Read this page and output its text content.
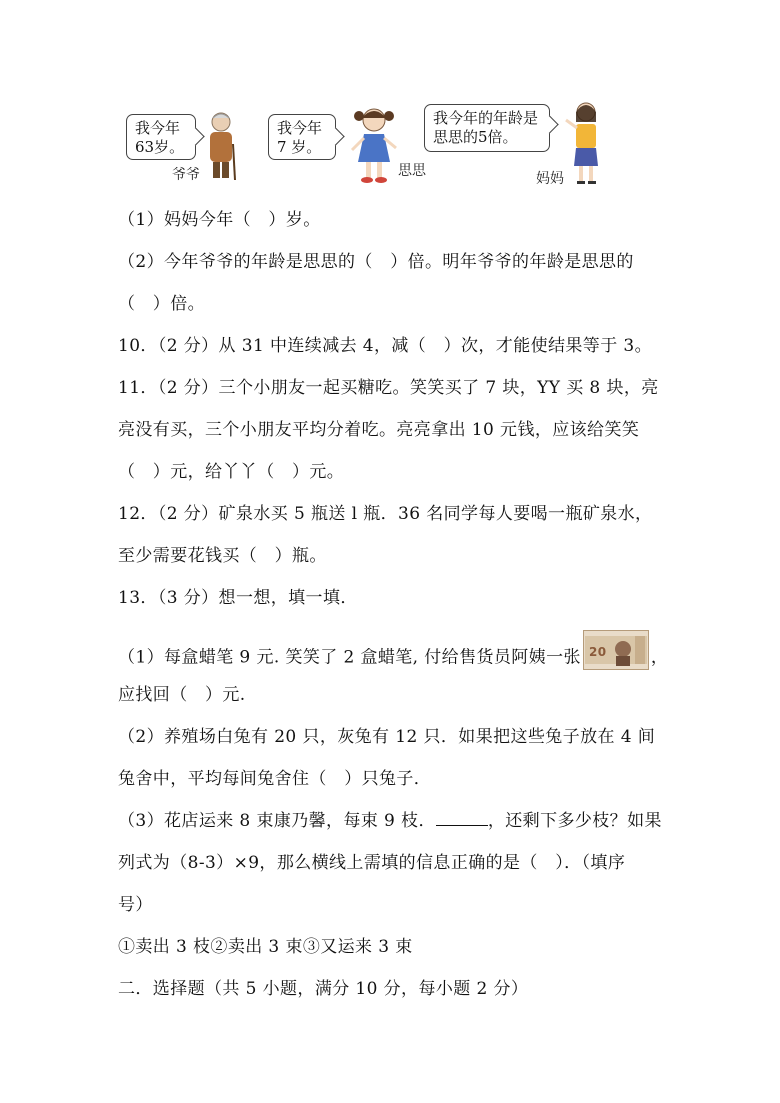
我今年
63岁。
爷爷
我今年
7 岁。
思思
我今年的年龄是
思思的5倍。
妈妈
（1）妈妈今年（　）岁。
（2）今年爷爷的年龄是思思的（　）倍。明年爷爷的年龄是思思的
（　）倍。
10．（2 分）从 31 中连续减去 4，减（　）次，才能使结果等于 3。
11．（2 分）三个小朋友一起买糖吃。笑笑买了 7 块，YY 买 8 块，亮
亮没有买，三个小朋友平均分着吃。亮亮拿出 10 元钱，应该给笑笑
（　）元，给丫丫（　）元。
12．（2 分）矿泉水买 5 瓶送 l 瓶．36 名同学每人要喝一瓶矿泉水，
至少需要花钱买（　）瓶。
13．（3 分）想一想，填一填．
（1）每盒蜡笔 9 元. 笑笑了 2 盒蜡笔, 付给售货员阿姨一张 20	，
应找回（　）元.
（2）养殖场白兔有 20 只，灰兔有 12 只．如果把这些兔子放在 4 间
兔舍中，平均每间兔舍住（　）只兔子．
（3）花店运来 8 束康乃馨，每束 9 枝．	，还剩下多少枝？如果
列式为（8-3）×9，那么横线上需填的信息正确的是（　）．（填序
号）
①卖出 3 枝②卖出 3 束③又运来 3 束
二．选择题（共 5 小题，满分 10 分，每小题 2 分）
